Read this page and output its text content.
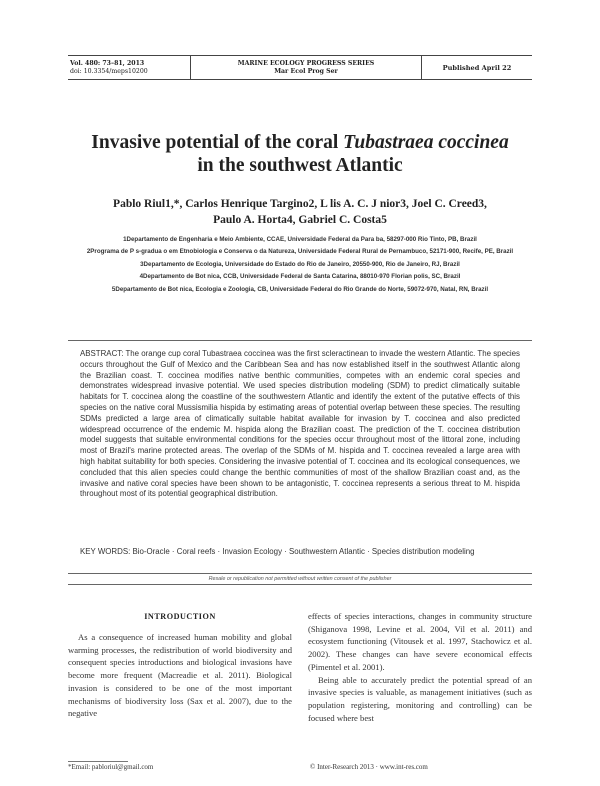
Vol. 480: 73–81, 2013
doi: 10.3354/meps10200
MARINE ECOLOGY PROGRESS SERIES
Mar Ecol Prog Ser	Published April 22
Invasive potential of the coral Tubastraea coccinea
in the southwest Atlantic
Pablo Riul1,*, Carlos Henrique Targino2, L lis A. C. J nior3, Joel C. Creed3,
Paulo A. Horta4, Gabriel C. Costa5
1Departamento de Engenharia e Meio Ambiente, CCAE, Universidade Federal da Para ba, 58297-000 Rio Tinto, PB, Brazil
2Programa de P s-gradua o em Etnobiologia e Conserva o da Natureza, Universidade Federal Rural de Pernambuco, 52171-900, Recife, PE, Brazil
3Departamento de Ecologia, Universidade do Estado do Rio de Janeiro, 20550-900, Rio de Janeiro, RJ, Brazil
4Departamento de Bot nica, CCB, Universidade Federal de Santa Catarina, 88010-970 Florian polis, SC, Brazil
5Departamento de Bot nica, Ecologia e Zoologia, CB, Universidade Federal do Rio Grande do Norte, 59072-970, Natal, RN, Brazil
ABSTRACT: The orange cup coral Tubastraea coccinea was the first scleractinean to invade the western Atlantic. The species occurs throughout the Gulf of Mexico and the Caribbean Sea and has now established itself in the southwest Atlantic along the Brazilian coast. T. coccinea modifies native benthic communities, competes with an endemic coral species and demonstrates widespread invasive potential. We used species distribution modeling (SDM) to predict climatically suitable habitats for T. coccinea along the coastline of the southwestern Atlantic and identify the extent of the putative effects of this species on the native coral Mussismilia hispida by estimating areas of potential overlap between these species. The resulting SDMs predicted a large area of climatically suitable habitat available for invasion by T. coccinea and also predicted widespread occurrence of the endemic M. hispida along the Brazilian coast. The prediction of the T. coccinea distribution model suggests that suitable environmental conditions for the species occur throughout most of the littoral zone, including most of Brazil's marine protected areas. The overlap of the SDMs of M. hispida and T. coccinea revealed a large area with high habitat suitability for both species. Considering the invasive potential of T. coccinea and its ecological consequences, we concluded that this alien species could change the benthic communities of most of the shallow Brazilian coast and, as the invasive and native coral species have been shown to be antagonistic, T. coccinea represents a serious threat to M. hispida throughout most of its potential geographical distribution.
KEY WORDS: Bio-Oracle · Coral reefs · Invasion Ecology · Southwestern Atlantic · Species distribution modeling
Resale or republication not permitted without written consent of the publisher
INTRODUCTION

As a consequence of increased human mobility and global warming processes, the redistribution of world biodiversity and consequent species introductions and biological invasions have become more frequent (Macreadie et al. 2011). Biological invasion is considered to be one of the most important mechanisms of biodiversity loss (Sax et al. 2007), due to the negative

effects of species interactions, changes in community structure (Shiganova 1998, Levine et al. 2004, Vil et al. 2011) and ecosystem functioning (Vitousek et al. 1997, Stachowicz et al. 2002). These changes can have severe economical effects (Pimentel et al. 2001).

Being able to accurately predict the potential spread of an invasive species is valuable, as management initiatives (such as population registering, monitoring and controlling) can be focused where best

*Email: pabloriul@gmail.com	© Inter-Research 2013 · www.int-res.com
